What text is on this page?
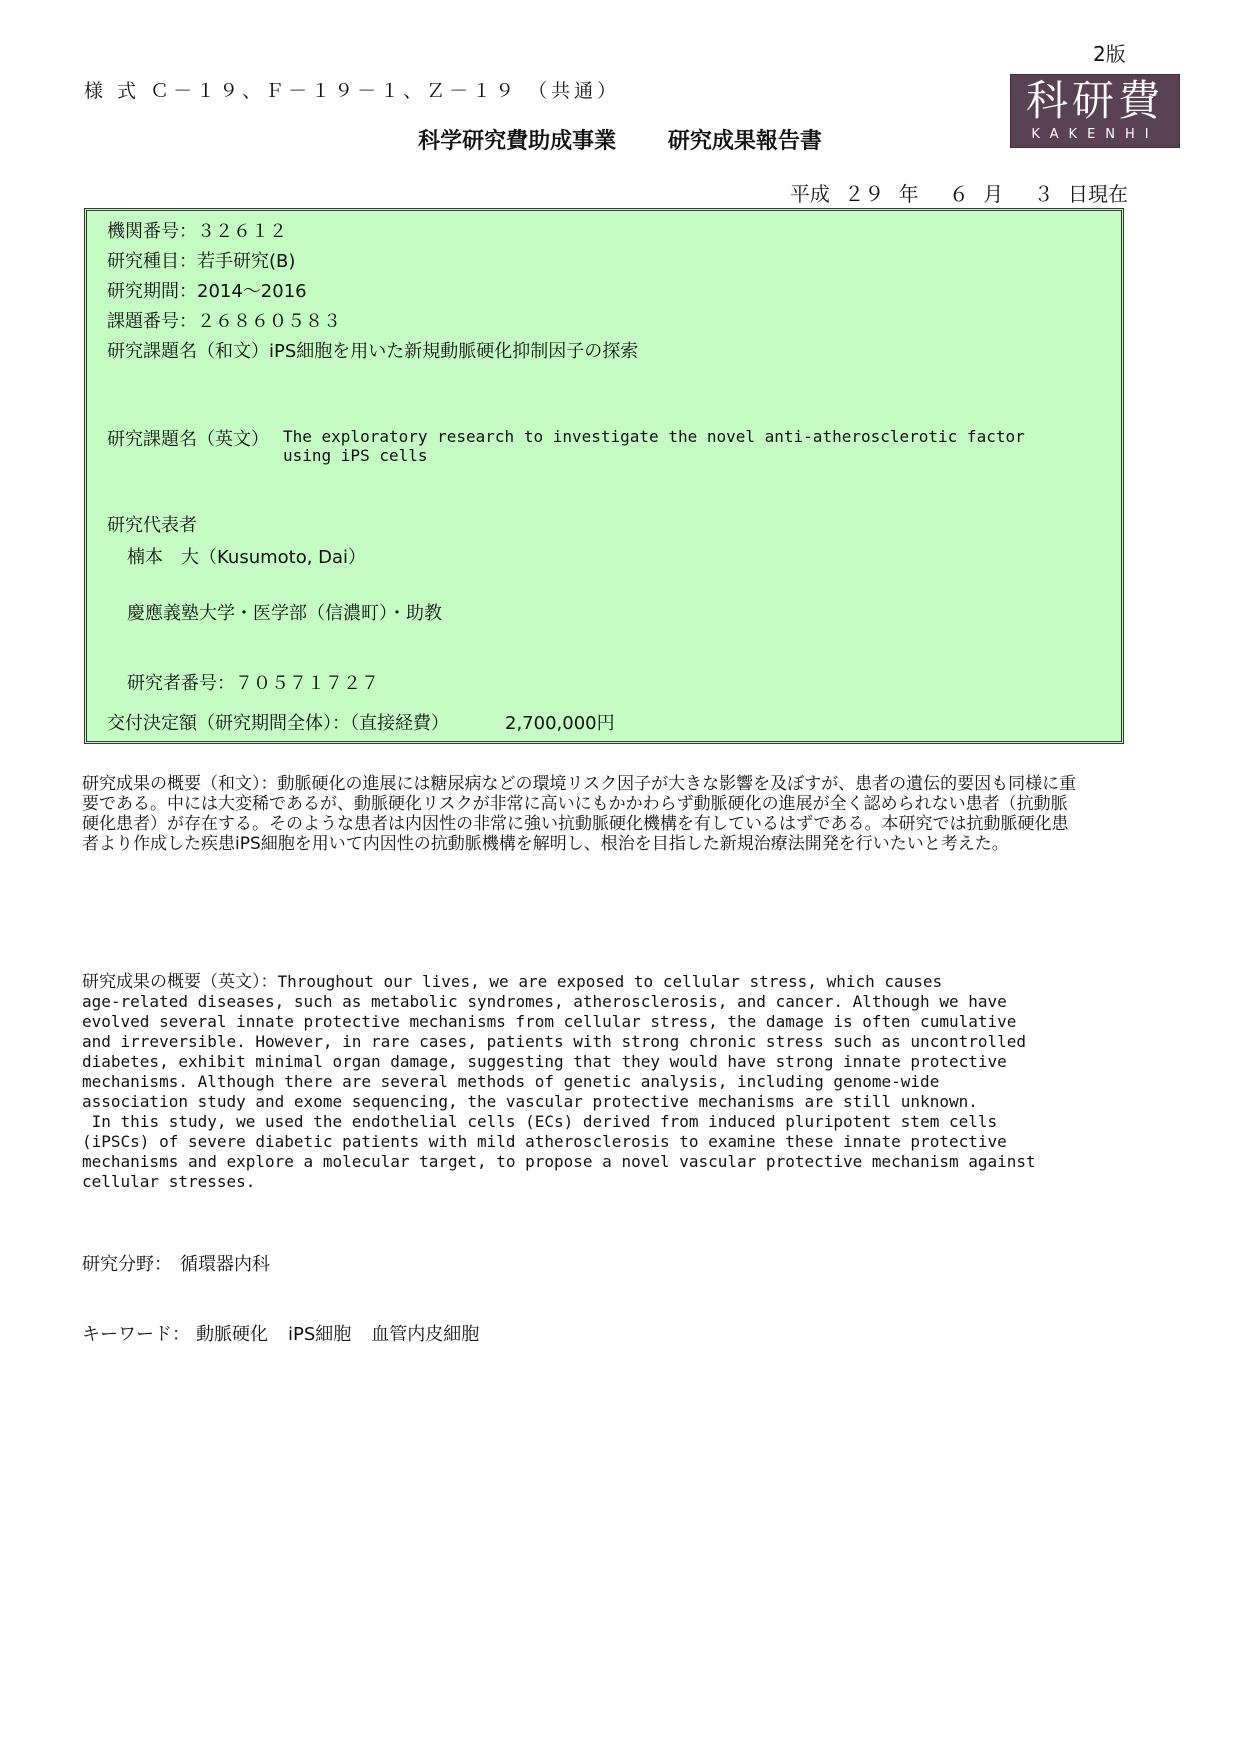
2版
様 式 Ｃ－１９、Ｆ－１９－１、Ｚ－１９ （共通）
科学研究費助成事業 研究成果報告書
科研費
KAKENHI
平成 ２９ 年 ６ 月 ３ 日現在
機関番号：３２６１２
研究種目：若手研究(B)
研究期間：2014～2016
課題番号：２６８６０５８３
研究課題名（和文）iPS細胞を用いた新規動脈硬化抑制因子の探索
研究課題名（英文） The exploratory research to investigate the novel anti-atherosclerotic factor
using iPS cells
研究代表者
楠本　大（Kusumoto, Dai）
慶應義塾大学・医学部（信濃町）・助教
研究者番号：７０５７１７２７
交付決定額（研究期間全体）：（直接経費）	2,700,000円
研究成果の概要（和文）：動脈硬化の進展には糖尿病などの環境リスク因子が大きな影響を及ぼすが、患者の遺伝的要因も同様に重要である。中には大変稀であるが、動脈硬化リスクが非常に高いにもかかわらず動脈硬化の進展が全く認められない患者（抗動脈硬化患者）が存在する。そのような患者は内因性の非常に強い抗動脈硬化機構を有しているはずである。本研究では抗動脈硬化患者より作成した疾患iPS細胞を用いて内因性の抗動脈機構を解明し、根治を目指した新規治療法開発を行いたいと考えた。
研究成果の概要（英文）：Throughout our lives, we are exposed to cellular stress, which causes
age-related diseases, such as metabolic syndromes, atherosclerosis, and cancer. Although we have
evolved several innate protective mechanisms from cellular stress, the damage is often cumulative
and irreversible. However, in rare cases, patients with strong chronic stress such as uncontrolled
diabetes, exhibit minimal organ damage, suggesting that they would have strong innate protective
mechanisms. Although there are several methods of genetic analysis, including genome-wide
association study and exome sequencing, the vascular protective mechanisms are still unknown.
In this study, we used the endothelial cells (ECs) derived from induced pluripotent stem cells
(iPSCs) of severe diabetic patients with mild atherosclerosis to examine these innate protective
mechanisms and explore a molecular target, to propose a novel vascular protective mechanism against
cellular stresses.
研究分野： 循環器内科
キーワード： 動脈硬化 iPS細胞 血管内皮細胞
